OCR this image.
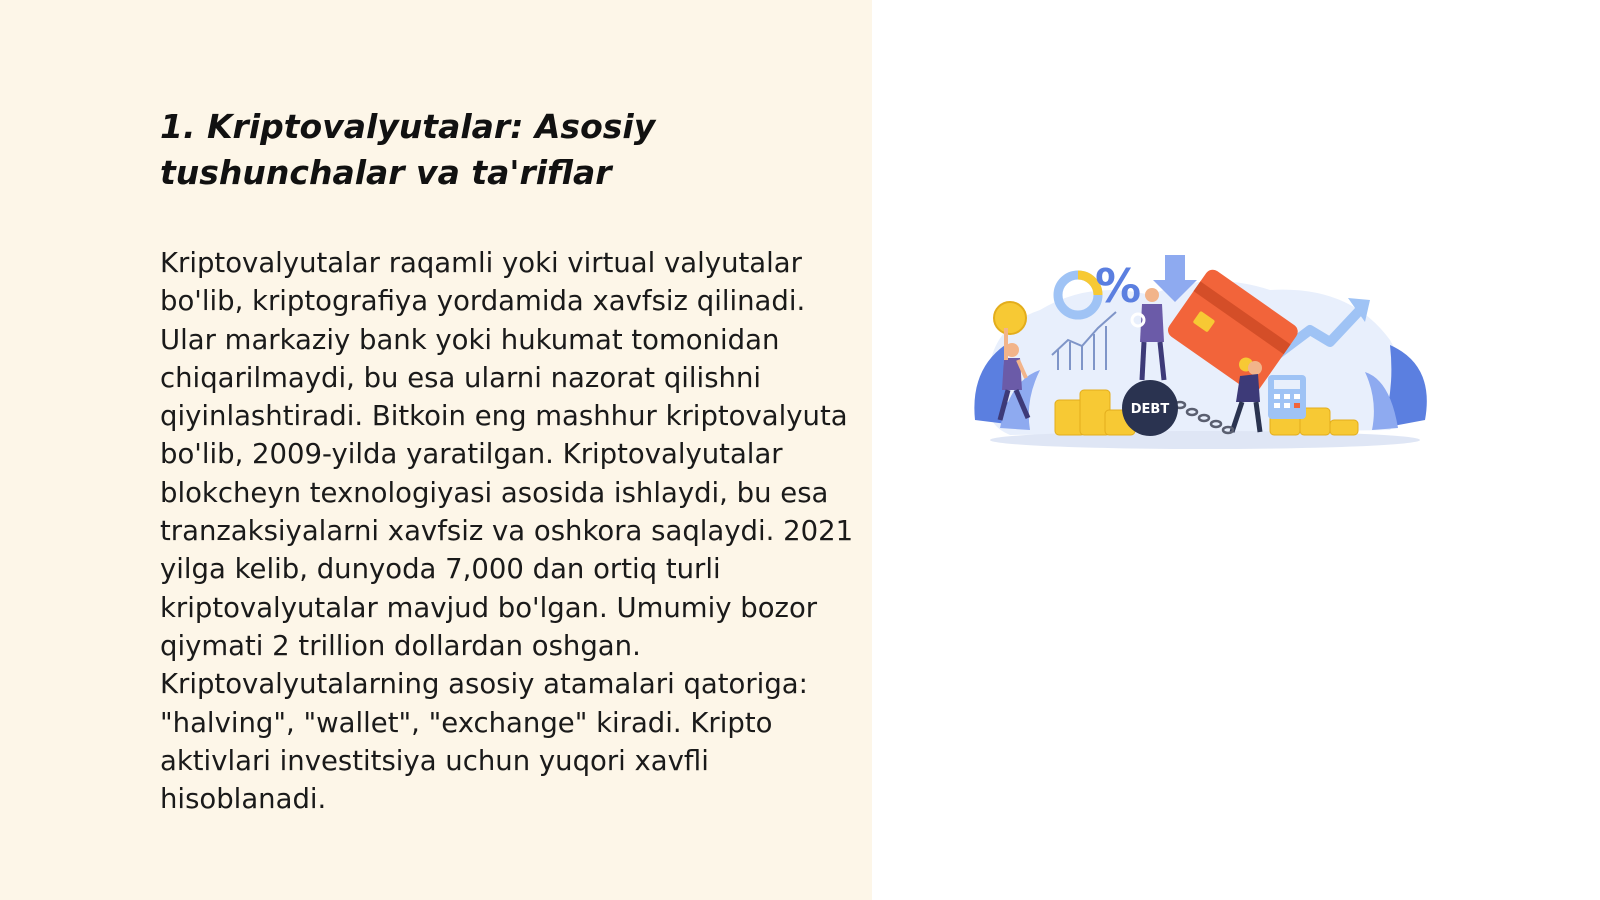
1. Kriptovalyutalar: Asosiy tushunchalar va ta'riflar

Kriptovalyutalar raqamli yoki virtual valyutalar bo'lib, kriptografiya yordamida xavfsiz qilinadi. Ular markaziy bank yoki hukumat tomonidan chiqarilmaydi, bu esa ularni nazorat qilishni qiyinlashtiradi. Bitkoin eng mashhur kriptovalyuta bo'lib, 2009-yilda yaratilgan. Kriptovalyutalar blokcheyn texnologiyasi asosida ishlaydi, bu esa tranzaksiyalarni xavfsiz va oshkora saqlaydi. 2021 yilga kelib, dunyoda 7,000 dan ortiq turli kriptovalyutalar mavjud bo'lgan. Umumiy bozor qiymati 2 trillion dollardan oshgan. Kriptovalyutalarning asosiy atamalari qatoriga: "halving", "wallet", "exchange" kiradi. Kripto aktivlari investitsiya uchun yuqori xavfli hisoblanadi.

%
DEBT
